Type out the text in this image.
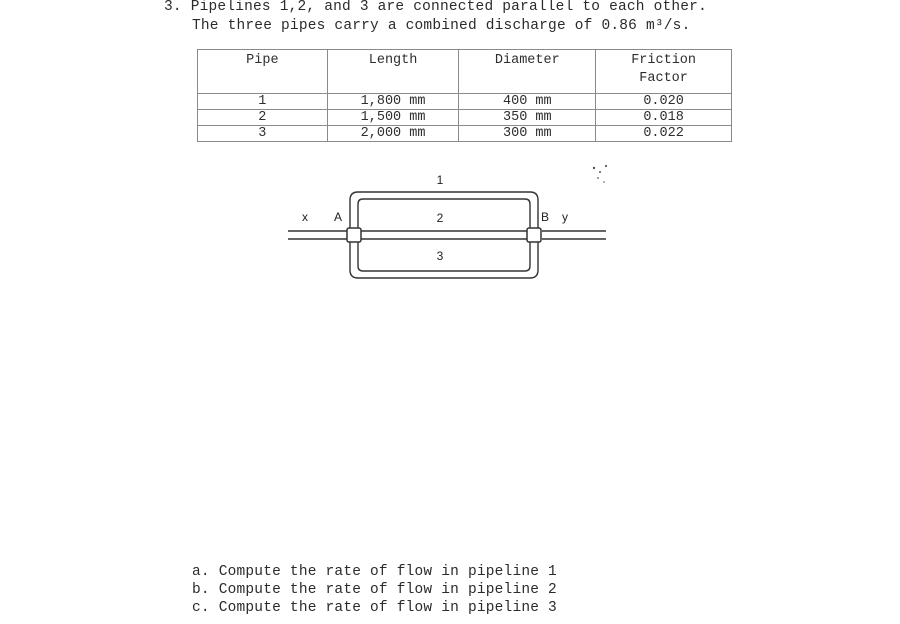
3. Pipelines 1,2, and 3 are connected parallel to each other.
The three pipes carry a combined discharge of 0.86 m³/s.
Pipe	Length	Diameter	Friction
Factor

1	1,800 mm	400 mm	0.020
2	1,500 mm	350 mm	0.018
3	2,000 mm	300 mm	0.022
1
2
3
x A	B y
a. Compute the rate of flow in pipeline 1
b. Compute the rate of flow in pipeline 2
c. Compute the rate of flow in pipeline 3
